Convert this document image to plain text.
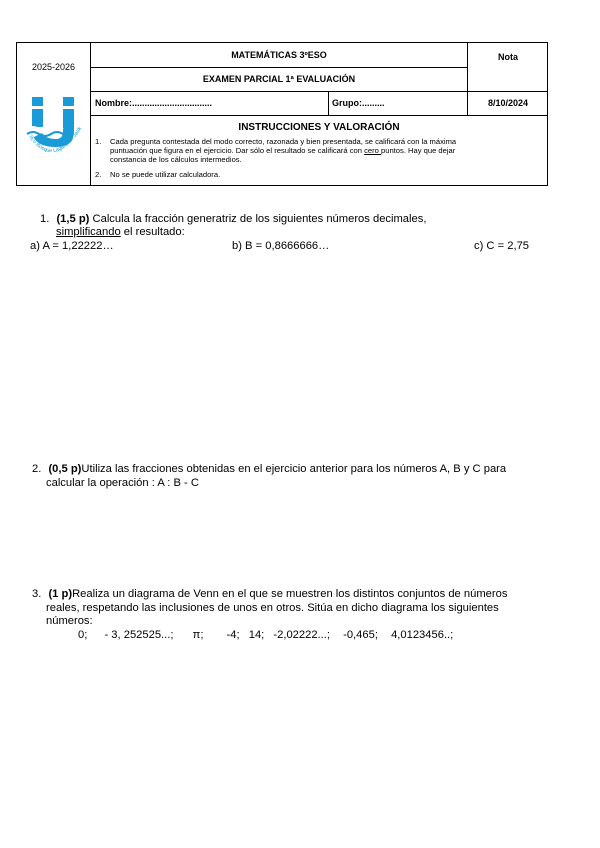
2025-2026
MATEMÁTICAS 3ºESO
EXAMEN PARCIAL 1ª EVALUACIÓN
Nota
Nombre:................................	Grupo:.........	8/10/2024
IES Bosque Laguna de Jask	INSTRUCCIONES Y VALORACIÓN
1. Cada pregunta contestada del modo correcto, razonada y bien presentada, se calificará con la máxima
puntuación que figura en el ejercicio. Dar sólo el resultado se calificará con cero puntos. Hay que dejar
constancia de los cálculos intermedios.
2. No se puede utilizar calculadora.
1. (1,5 p) Calcula la fracción generatriz de los siguientes números decimales,
simplificando el resultado:
a) A = 1,22222…	b) B = 0,8666666…	c) C = 2,75
2. (0,5 p)Utiliza las fracciones obtenidas en el ejercicio anterior para los números A, B y C para
calcular la operación : A : B - C
3. (1 p)Realiza un diagrama de Venn en el que se muestren los distintos conjuntos de números
reales, respetando las inclusiones de unos en otros. Sitúa en dicho diagrama los siguientes
números:
0; - 3, 252525...; π; -4; 14; -2,02222...; -0,465; 4,0123456..;
